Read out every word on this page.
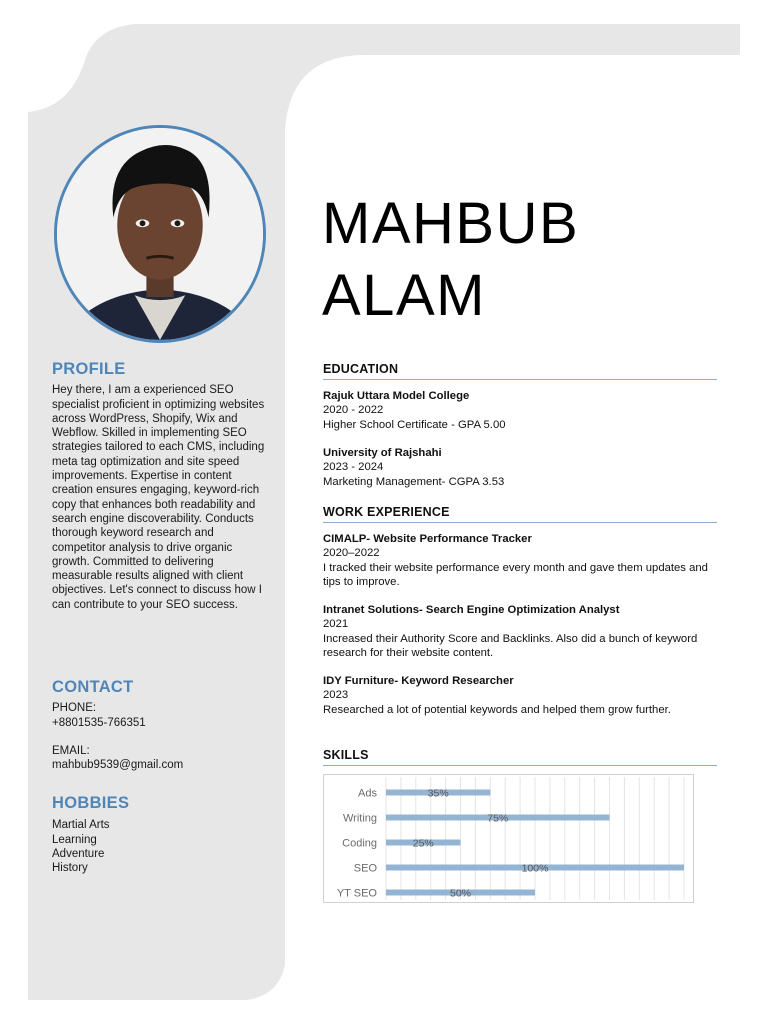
PROFILE

Hey there, I am a experienced SEO specialist proficient in optimizing websites across WordPress, Shopify, Wix and Webflow. Skilled in implementing SEO strategies tailored to each CMS, including meta tag optimization and site speed improvements. Expertise in content creation ensures engaging, keyword-rich copy that enhances both readability and search engine discoverability. Conducts thorough keyword research and competitor analysis to drive organic growth. Committed to delivering measurable results aligned with client objectives. Let's connect to discuss how I can contribute to your SEO success.

CONTACT

PHONE:

+8801535-766351

EMAIL:

mahbub9539@gmail.com

HOBBIES

Martial Arts

Learning

Adventure

History

MAHBUB
ALAM
EDUCATION
Rajuk Uttara Model College
2020 - 2022
Higher School Certificate - GPA 5.00
University of Rajshahi
2023 - 2024
Marketing Management- CGPA 3.53
WORK EXPERIENCE
CIMALP- Website Performance Tracker
2020–2022
I tracked their website performance every month and gave them updates and tips to improve.
Intranet Solutions- Search Engine Optimization Analyst
2021
Increased their Authority Score and Backlinks. Also did a bunch of keyword research for their website content.
IDY Furniture- Keyword Researcher
2023
Researched a lot of potential keywords and helped them grow further.
SKILLS
Ads	35%
Writing	75%
Coding	25%
SEO	100%
YT SEO	50%
